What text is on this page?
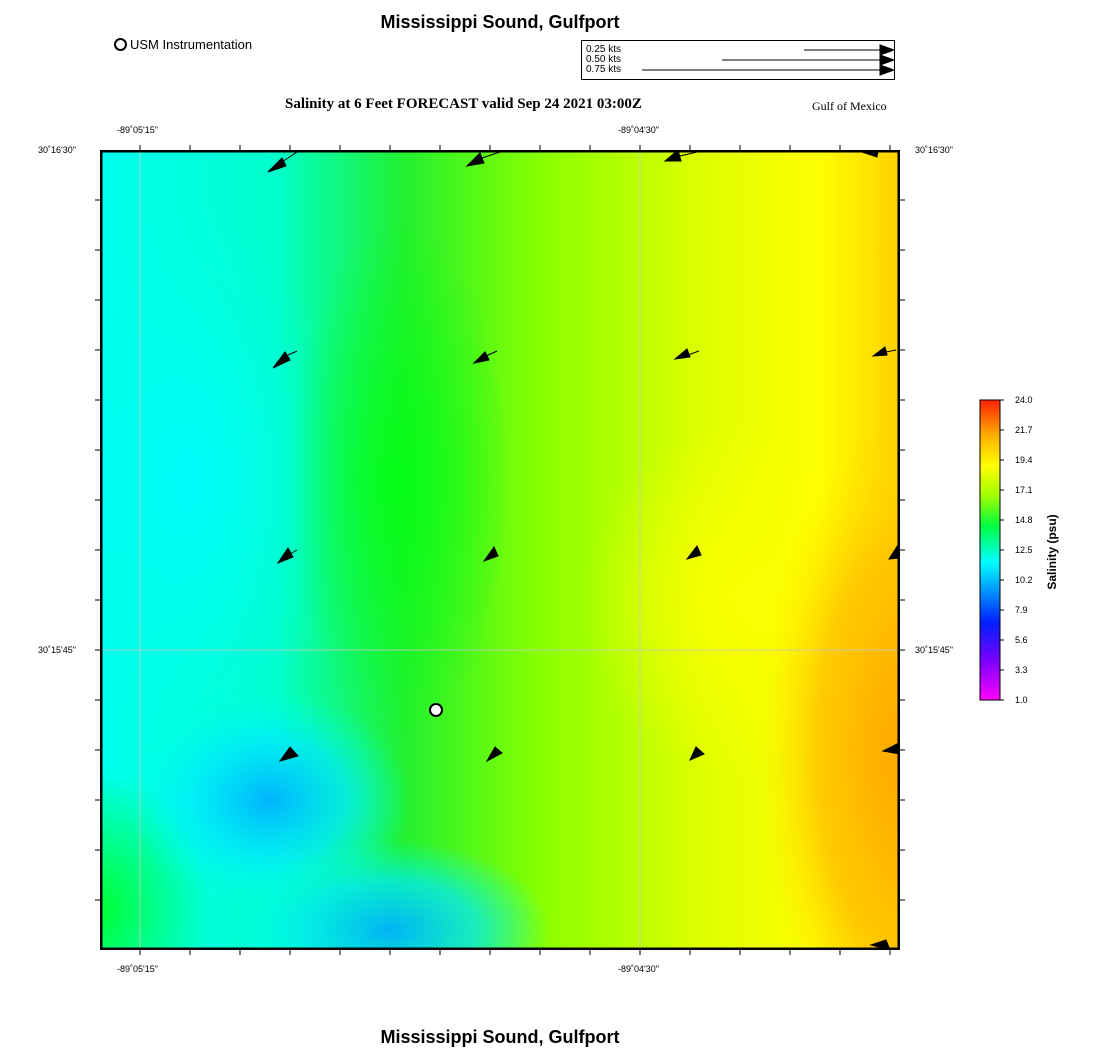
Mississippi Sound, Gulfport
Mississippi Sound, Gulfport
USM Instrumentation	0.25 kts
0.50 kts
0.75 kts
Salinity at 6 Feet FORECAST valid Sep 24 2021 03:00Z	Gulf of Mexico
-89˚05'15"	-89˚04'30"
-89˚05'15"	-89˚04'30"
30˚16'30"
30˚15'45"
30˚16'30"
30˚15'45"
24.0
21.7
19.4
17.1
14.8
12.5
10.2
7.9
5.6
3.3
1.0
Salinity (psu)
